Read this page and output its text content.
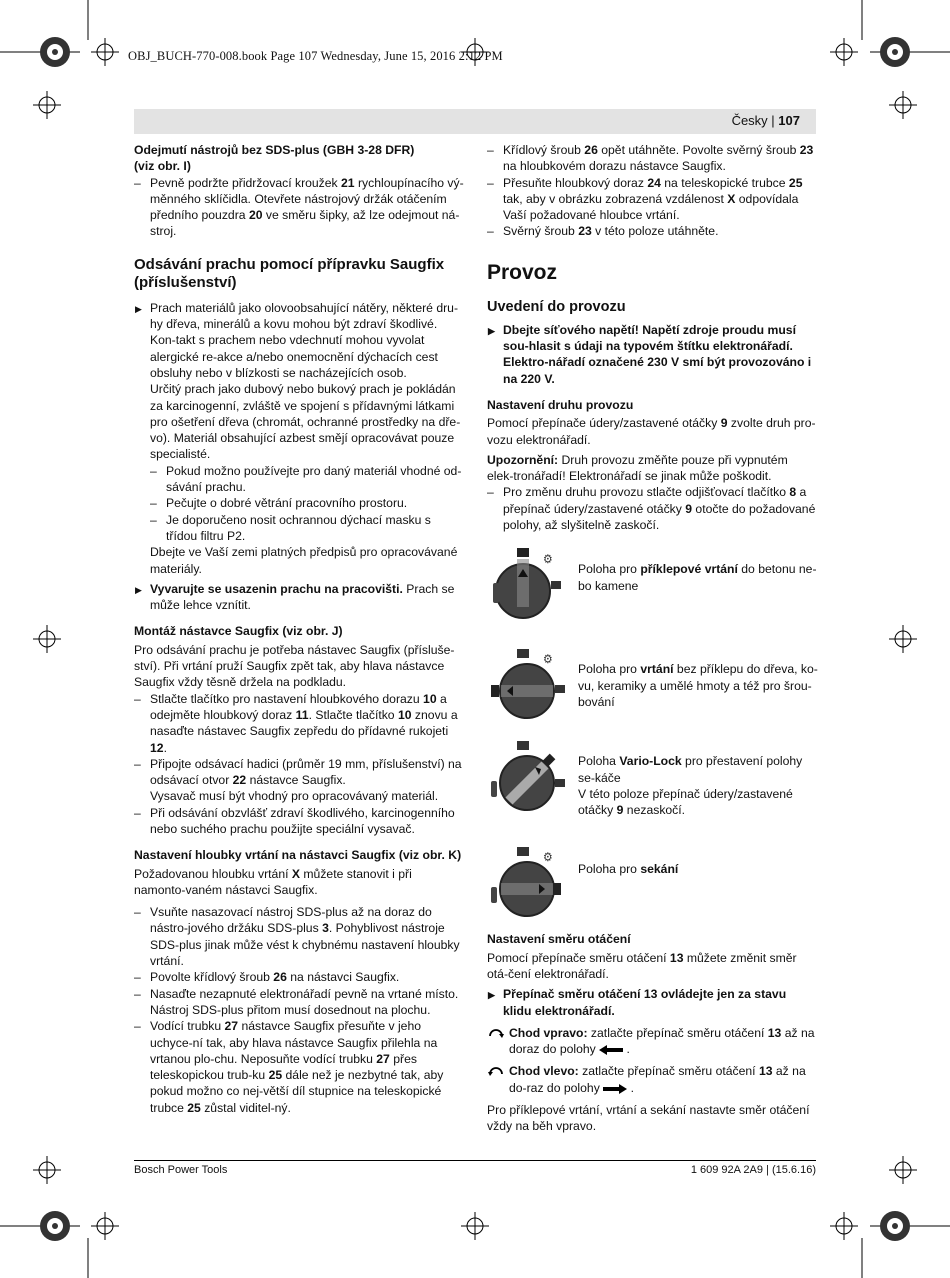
OBJ_BUCH-770-008.book Page 107 Wednesday, June 15, 2016 2:12 PM
Česky | 107

Odejmutí nástrojů bez SDS-plus (GBH 3-28 DFR)
(viz obr. I)

– Pevně podržte přidržovací kroužek 21 rychloupínacího vý-měnného sklíčidla. Otevřete nástrojový držák otáčením předního pouzdra 20 ve směru šipky, až lze odejmout ná-stroj.

Odsávání prachu pomocí přípravku Saugfix (příslušenství)

▶ Prach materiálů jako olovoobsahující nátěry, některé dru-hy dřeva, minerálů a kovu mohou být zdraví škodlivé. Kon-takt s prachem nebo vdechnutí mohou vyvolat alergické re-akce a/nebo onemocnění dýchacích cest obsluhy nebo v blízkosti se nacházejících osob.

Určitý prach jako dubový nebo bukový prach je pokládán za karcinogenní, zvláště ve spojení s přídavnými látkami pro ošetření dřeva (chromát, ochranné prostředky na dře-vo). Materiál obsahující azbest smějí opracovávat pouze specialisté.

– Pokud možno používejte pro daný materiál vhodné od-sávání prachu.

– Pečujte o dobré větrání pracovního prostoru.

– Je doporučeno nosit ochrannou dýchací masku s třídou filtru P2.

Dbejte ve Vaší zemi platných předpisů pro opracovávané materiály.

▶ Vyvarujte se usazenin prachu na pracovišti. Prach se může lehce vznítit.

Montáž nástavce Saugfix (viz obr. J)

Pro odsávání prachu je potřeba nástavec Saugfix (přísluše-ství). Při vrtání pruží Saugfix zpět tak, aby hlava nástavce Saugfix vždy těsně držela na podkladu.

– Stlačte tlačítko pro nastavení hloubkového dorazu 10 a odejměte hloubkový doraz 11. Stlačte tlačítko 10 znovu a nasaďte nástavec Saugfix zepředu do přídavné rukojeti 12.

– Připojte odsávací hadici (průměr 19 mm, příslušenství) na odsávací otvor 22 nástavce Saugfix.
Vysavač musí být vhodný pro opracovávaný materiál.

– Při odsávání obzvlášť zdraví škodlivého, karcinogenního nebo suchého prachu použijte speciální vysavač.

Nastavení hloubky vrtání na nástavci Saugfix (viz obr. K)

Požadovanou hloubku vrtání X můžete stanovit i při namonto-vaném nástavci Saugfix.

– Vsuňte nasazovací nástroj SDS-plus až na doraz do nástro-jového držáku SDS-plus 3. Pohyblivost nástroje SDS-plus jinak může vést k chybnému nastavení hloubky vrtání.

– Povolte křídlový šroub 26 na nástavci Saugfix.

– Nasaďte nezapnuté elektronářadí pevně na vrtané místo. Nástroj SDS-plus přitom musí dosednout na plochu.

– Vodící trubku 27 nástavce Saugfix přesuňte v jeho uchyce-ní tak, aby hlava nástavce Saugfix přilehla na vrtanou plo-chu. Neposuňte vodící trubku 27 přes teleskopickou trub-ku 25 dále než je nezbytné tak, aby pokud možno co nej-větší díl stupnice na teleskopické trubce 25 zůstal viditel-ný.

– Křídlový šroub 26 opět utáhněte. Povolte svěrný šroub 23 na hloubkovém dorazu nástavce Saugfix.

– Přesuňte hloubkový doraz 24 na teleskopické trubce 25 tak, aby v obrázku zobrazená vzdálenost X odpovídala Vaší požadované hloubce vrtání.

– Svěrný šroub 23 v této poloze utáhněte.

Provoz

Uvedení do provozu

▶ Dbejte síťového napětí! Napětí zdroje proudu musí sou-hlasit s údaji na typovém štítku elektronářadí. Elektro-nářadí označené 230 V smí být provozováno i na 220 V.

Nastavení druhu provozu

Pomocí přepínače údery/zastavené otáčky 9 zvolte druh pro-vozu elektronářadí.

Upozornění: Druh provozu změňte pouze při vypnutém elek-tronářadí! Elektronářadí se jinak může poškodit.

– Pro změnu druhu provozu stlačte odjišťovací tlačítko 8 a přepínač údery/zastavené otáčky 9 otočte do požadované polohy, až slyšitelně zaskočí.

⚙

Poloha pro příklepové vrtání do betonu ne-bo kamene

⚙

Poloha pro vrtání bez příklepu do dřeva, ko-vu, keramiky a umělé hmoty a též pro šrou-bování

Poloha Vario-Lock pro přestavení polohy se-káče
V této poloze přepínač údery/zastavené otáčky 9 nezaskočí.

⚙

Poloha pro sekání

Nastavení směru otáčení

Pomocí přepínače směru otáčení 13 můžete změnit směr otá-čení elektronářadí.

▶ Přepínač směru otáčení 13 ovládejte jen za stavu klidu elektronářadí.

Chod vpravo: zatlačte přepínač směru otáčení 13 až na doraz do polohy  .

Chod vlevo: zatlačte přepínač směru otáčení 13 až na do-raz do polohy  .

Pro příklepové vrtání, vrtání a sekání nastavte směr otáčení vždy na běh vpravo.

Bosch Power Tools	1 609 92A 2A9 | (15.6.16)
